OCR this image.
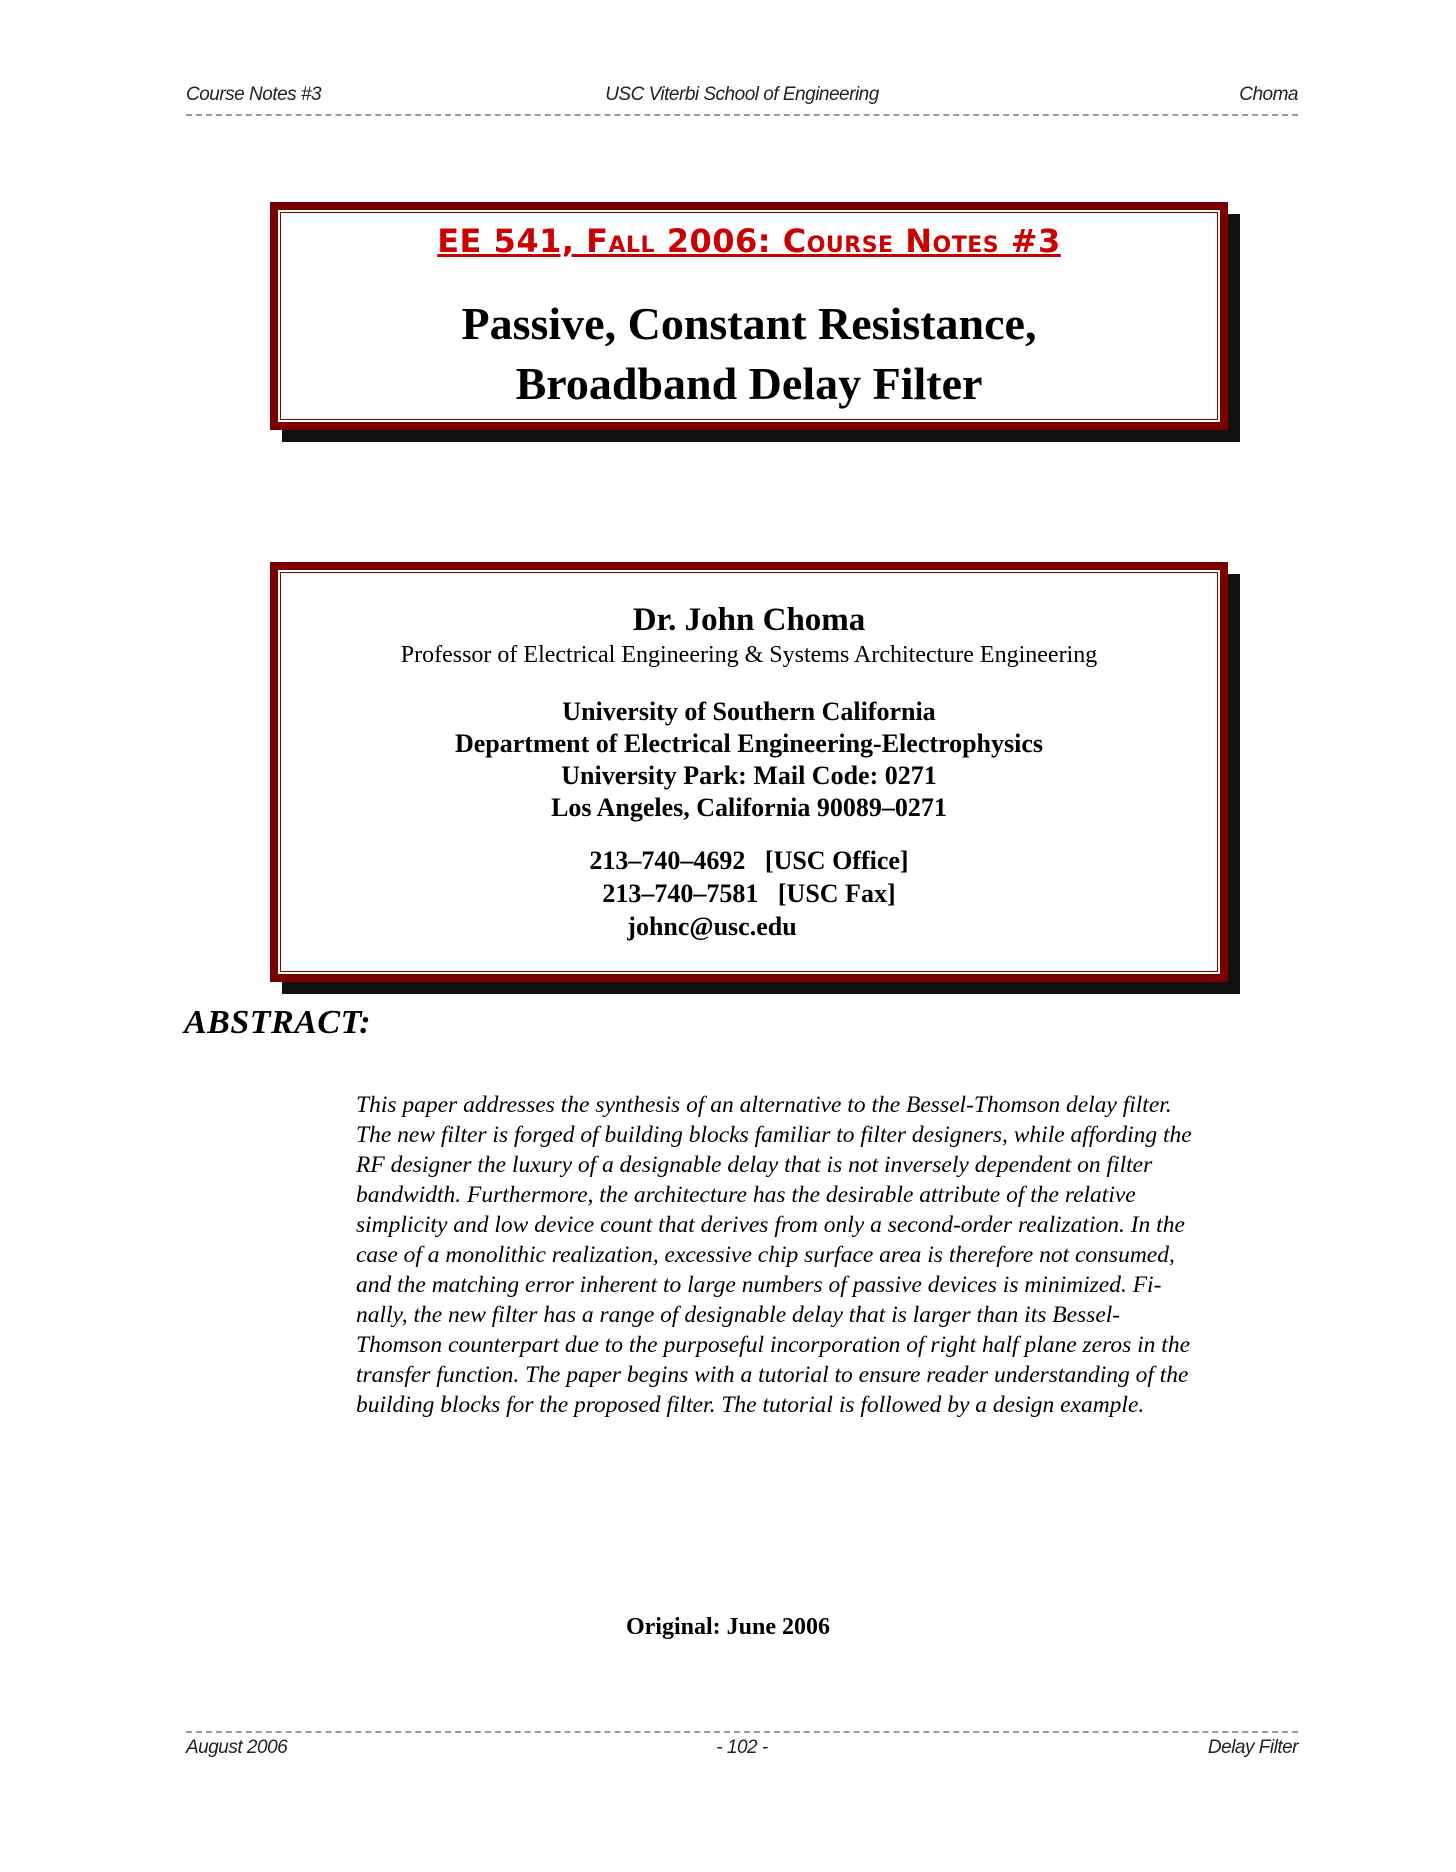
Course Notes #3	USC Viterbi School of Engineering	Choma
EE 541, Fall 2006: Course Notes #3
Passive, Constant Resistance,
Broadband Delay Filter
Dr. John Choma
Professor of Electrical Engineering & Systems Architecture Engineering
University of Southern California
Department of Electrical Engineering-Electrophysics
University Park: Mail Code: 0271
Los Angeles, California 90089–0271
213–740–4692   [USC Office]
213–740–7581   [USC Fax]
johnc@usc.edu
ABSTRACT:
This paper addresses the synthesis of an alternative to the Bessel-Thomson delay filter.
The new filter is forged of building blocks familiar to filter designers, while affording the
RF designer the luxury of a designable delay that is not inversely dependent on filter
bandwidth. Furthermore, the architecture has the desirable attribute of the relative
simplicity and low device count that derives from only a second-order realization. In the
case of a monolithic realization, excessive chip surface area is therefore not consumed,
and the matching error inherent to large numbers of passive devices is minimized. Fi-
nally, the new filter has a range of designable delay that is larger than its Bessel-
Thomson counterpart due to the purposeful incorporation of right half plane zeros in the
transfer function. The paper begins with a tutorial to ensure reader understanding of the
building blocks for the proposed filter. The tutorial is followed by a design example.
Original: June 2006
August 2006	- 102 -	Delay Filter
